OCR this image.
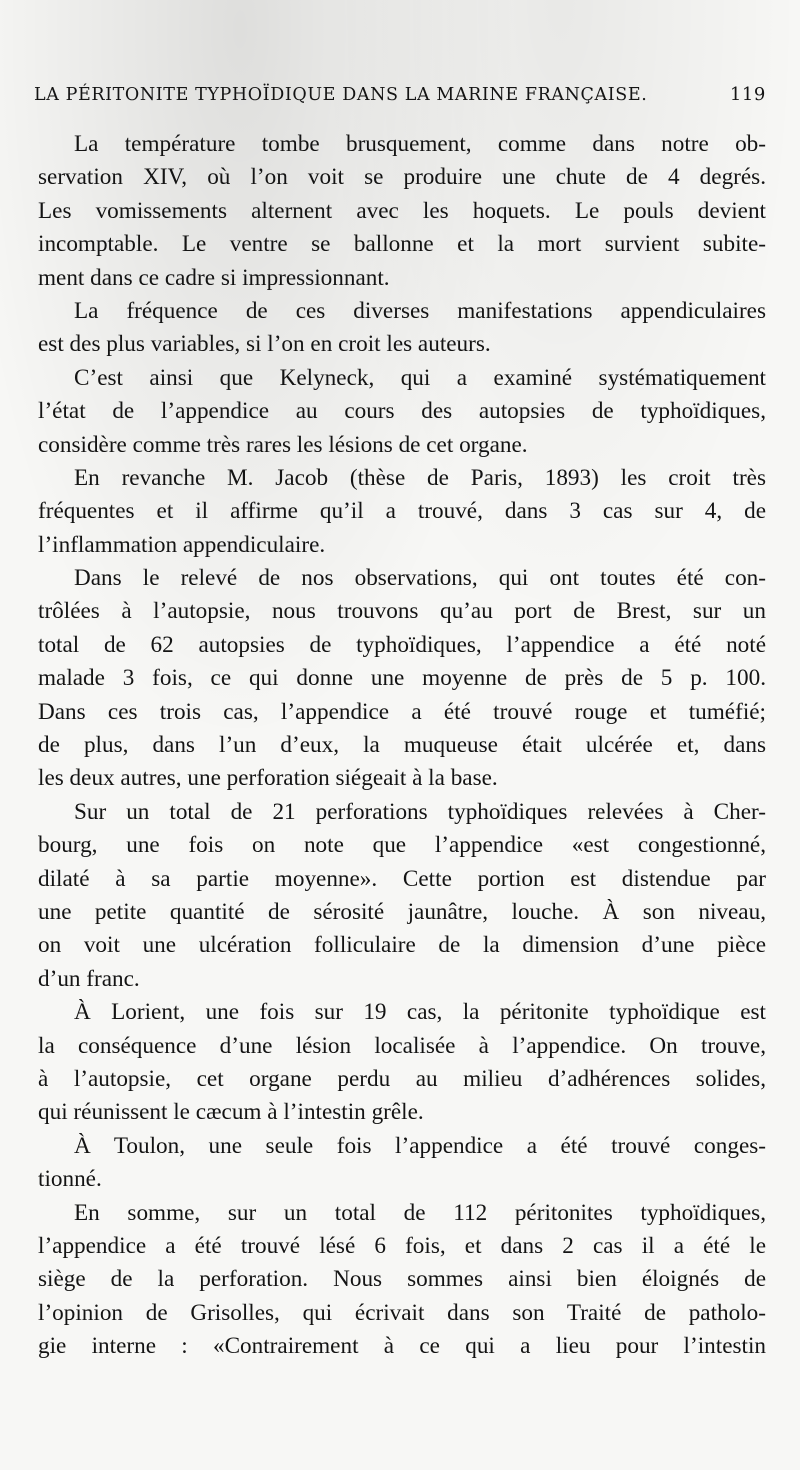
LA PÉRITONITE TYPHOÏDIQUE DANS LA MARINE FRANÇAISE.	119
La température tombe brusquement, comme dans notre ob-
servation XIV, où l’on voit se produire une chute de 4 degrés.
Les vomissements alternent avec les hoquets. Le pouls devient
incomptable. Le ventre se ballonne et la mort survient subite-
ment dans ce cadre si impressionnant.
La fréquence de ces diverses manifestations appendiculaires
est des plus variables, si l’on en croit les auteurs.
C’est ainsi que Kelyneck, qui a examiné systématiquement
l’état de l’appendice au cours des autopsies de typhoïdiques,
considère comme très rares les lésions de cet organe.
En revanche M. Jacob (thèse de Paris, 1893) les croit très
fréquentes et il affirme qu’il a trouvé, dans 3 cas sur 4, de
l’inflammation appendiculaire.
Dans le relevé de nos observations, qui ont toutes été con-
trôlées à l’autopsie, nous trouvons qu’au port de Brest, sur un
total de 62 autopsies de typhoïdiques, l’appendice a été noté
malade 3 fois, ce qui donne une moyenne de près de 5 p. 100.
Dans ces trois cas, l’appendice a été trouvé rouge et tuméfié;
de plus, dans l’un d’eux, la muqueuse était ulcérée et, dans
les deux autres, une perforation siégeait à la base.
Sur un total de 21 perforations typhoïdiques relevées à Cher-
bourg, une fois on note que l’appendice «est congestionné,
dilaté à sa partie moyenne». Cette portion est distendue par
une petite quantité de sérosité jaunâtre, louche. À son niveau,
on voit une ulcération folliculaire de la dimension d’une pièce
d’un franc.
À Lorient, une fois sur 19 cas, la péritonite typhoïdique est
la conséquence d’une lésion localisée à l’appendice. On trouve,
à l’autopsie, cet organe perdu au milieu d’adhérences solides,
qui réunissent le cæcum à l’intestin grêle.
À Toulon, une seule fois l’appendice a été trouvé conges-
tionné.
En somme, sur un total de 112 péritonites typhoïdiques,
l’appendice a été trouvé lésé 6 fois, et dans 2 cas il a été le
siège de la perforation. Nous sommes ainsi bien éloignés de
l’opinion de Grisolles, qui écrivait dans son Traité de patholo-
gie interne : «Contrairement à ce qui a lieu pour l’intestin
